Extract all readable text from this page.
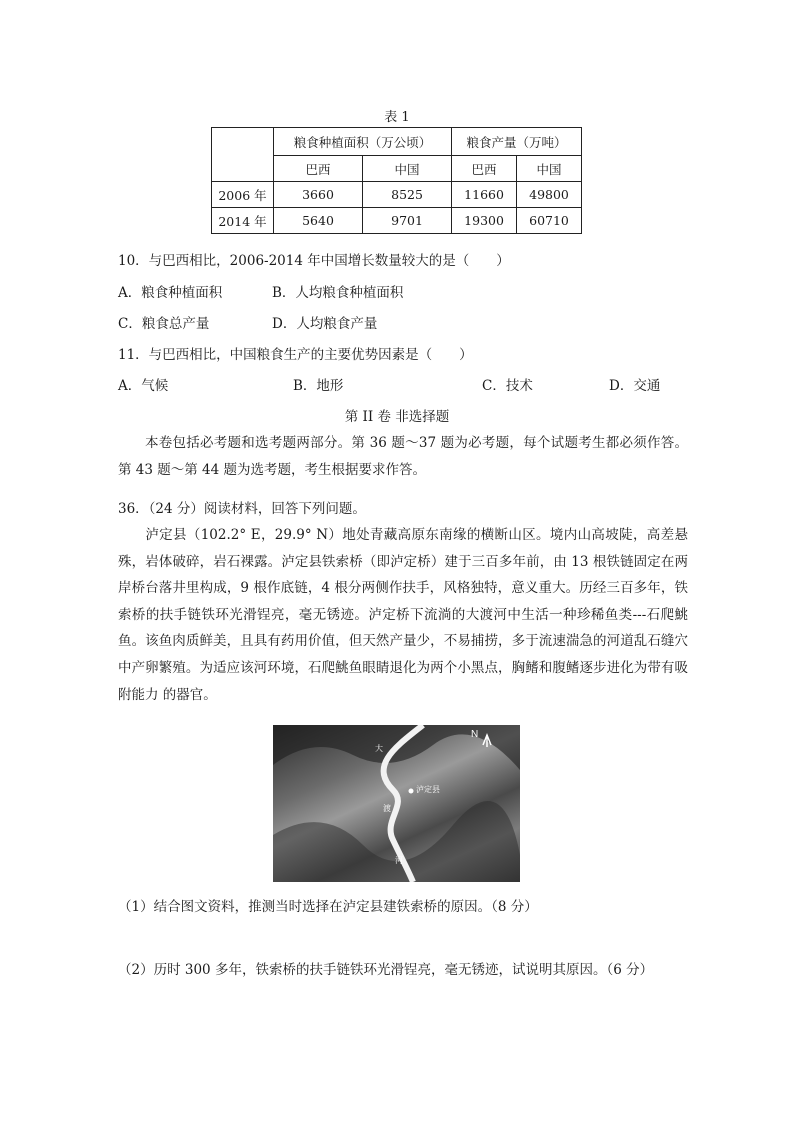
表 1
	粮食种植面积（万公顷）		粮食产量（万吨）	
	巴西	中国	巴西	中国
2006 年	3660	8525	11660	49800
2014 年	5640	9701	19300	60710
10．与巴西相比，2006-2014 年中国增长数量较大的是（　　）
A．粮食种植面积	B．人均粮食种植面积
C．粮食总产量	D．人均粮食产量
11．与巴西相比，中国粮食生产的主要优势因素是（　　）
A．气候	B．地形	C．技术	D．交通
第 II 卷 非选择题
本卷包括必考题和选考题两部分。第 36 题～37 题为必考题，每个试题考生都必须作答。第 43 题～第 44 题为选考题，考生根据要求作答。
36．（24 分）阅读材料，回答下列问题。
泸定县（102.2° E，29.9° N）地处青藏高原东南缘的横断山区。境内山高坡陡，高差悬殊，岩体破碎，岩石裸露。泸定县铁索桥（即泸定桥）建于三百多年前，由 13 根铁链固定在两岸桥台落井里构成，9 根作底链，4 根分两侧作扶手，风格独特，意义重大。历经三百多年，铁索桥的扶手链铁环光滑锃亮，毫无锈迹。泸定桥下流淌的大渡河中生活一种珍稀鱼类---石爬鮡鱼。该鱼肉质鲜美，且具有药用价值，但天然产量少，不易捕捞，多于流速湍急的河道乱石缝穴中产卵繁殖。为适应该河环境，石爬鮡鱼眼睛退化为两个小黑点，胸鳍和腹鳍逐步进化为带有吸附能力 的器官。
N
泸定县
大
渡
河
（1）结合图文资料，推测当时选择在泸定县建铁索桥的原因。（8 分）
（2）历时 300 多年，铁索桥的扶手链铁环光滑锃亮，毫无锈迹，试说明其原因。（6 分）
